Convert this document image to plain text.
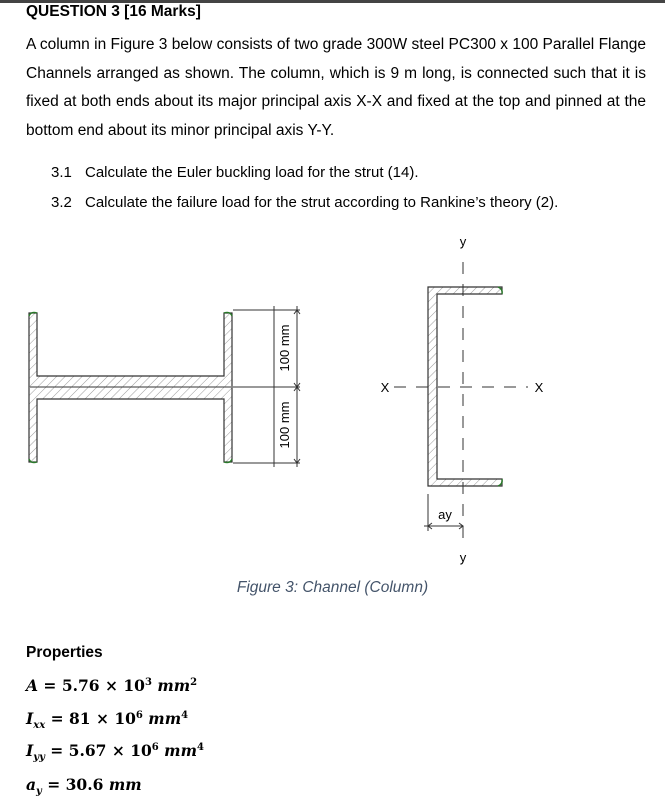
QUESTION 3 [16 Marks]
A column in Figure 3 below consists of two grade 300W steel PC300 x 100 Parallel Flange Channels arranged as shown. The column, which is 9 m long, is connected such that it is fixed at both ends about its major principal axis X-X and fixed at the top and pinned at the bottom end about its minor principal axis Y-Y.
3.1 Calculate the Euler buckling load for the strut (14).
3.2 Calculate the failure load for the strut according to Rankine’s theory (2).
100 mm
100 mm
y
y
X	X
ay
Figure 3: Channel (Column)
Properties
$A = 5.76 \times 10^3$ $mm^2$
$I_{xx} = 81 \times 10^6$ $mm^4$
$I_{yy} = 5.67 \times 10^6$ $mm^4$
$a_y = 30.6$ mm
